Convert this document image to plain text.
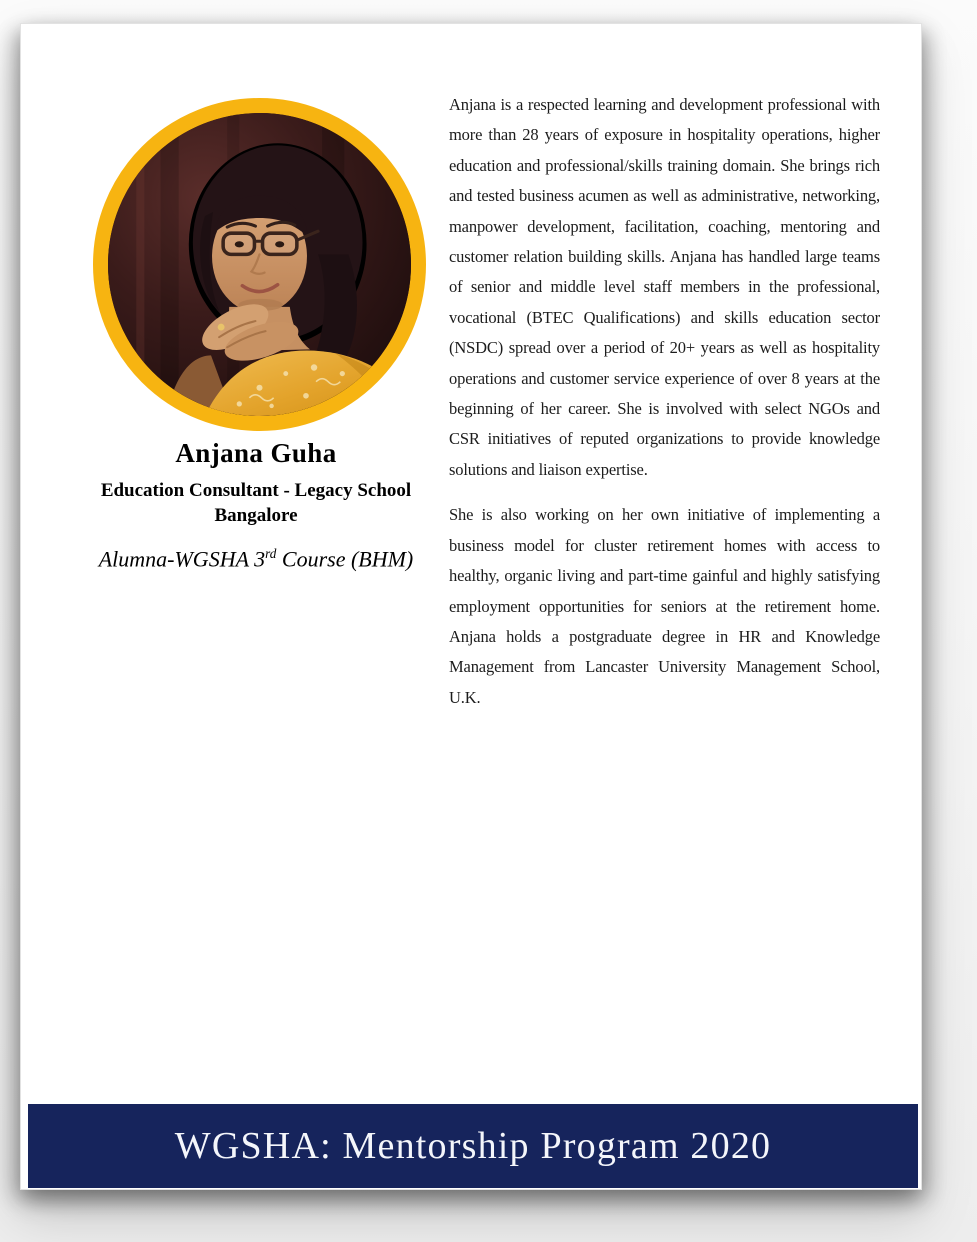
Anjana Guha
Education Consultant - Legacy School
Bangalore
Alumna-WGSHA 3rd Course (BHM)

Anjana is a respected learning and development professional with more than 28 years of exposure in hospitality operations, higher education and professional/skills training domain. She brings rich and tested business acumen as well as administrative, networking, manpower development, facilitation, coaching, mentoring and customer relation building skills. Anjana has handled large teams of senior and middle level staff members in the professional, vocational (BTEC Qualifications) and skills education sector (NSDC) spread over a period of 20+ years as well as hospitality operations and customer service experience of over 8 years at the beginning of her career. She is involved with select NGOs and CSR initiatives of reputed organizations to provide knowledge solutions and liaison expertise.

She is also working on her own initiative of implementing a business model for cluster retirement homes with access to healthy, organic living and part-time gainful and highly satisfying employment opportunities for seniors at the retirement home. Anjana holds a postgraduate degree in HR and Knowledge Management from Lancaster University Management School, U.K.

WGSHA: Mentorship Program 2020
